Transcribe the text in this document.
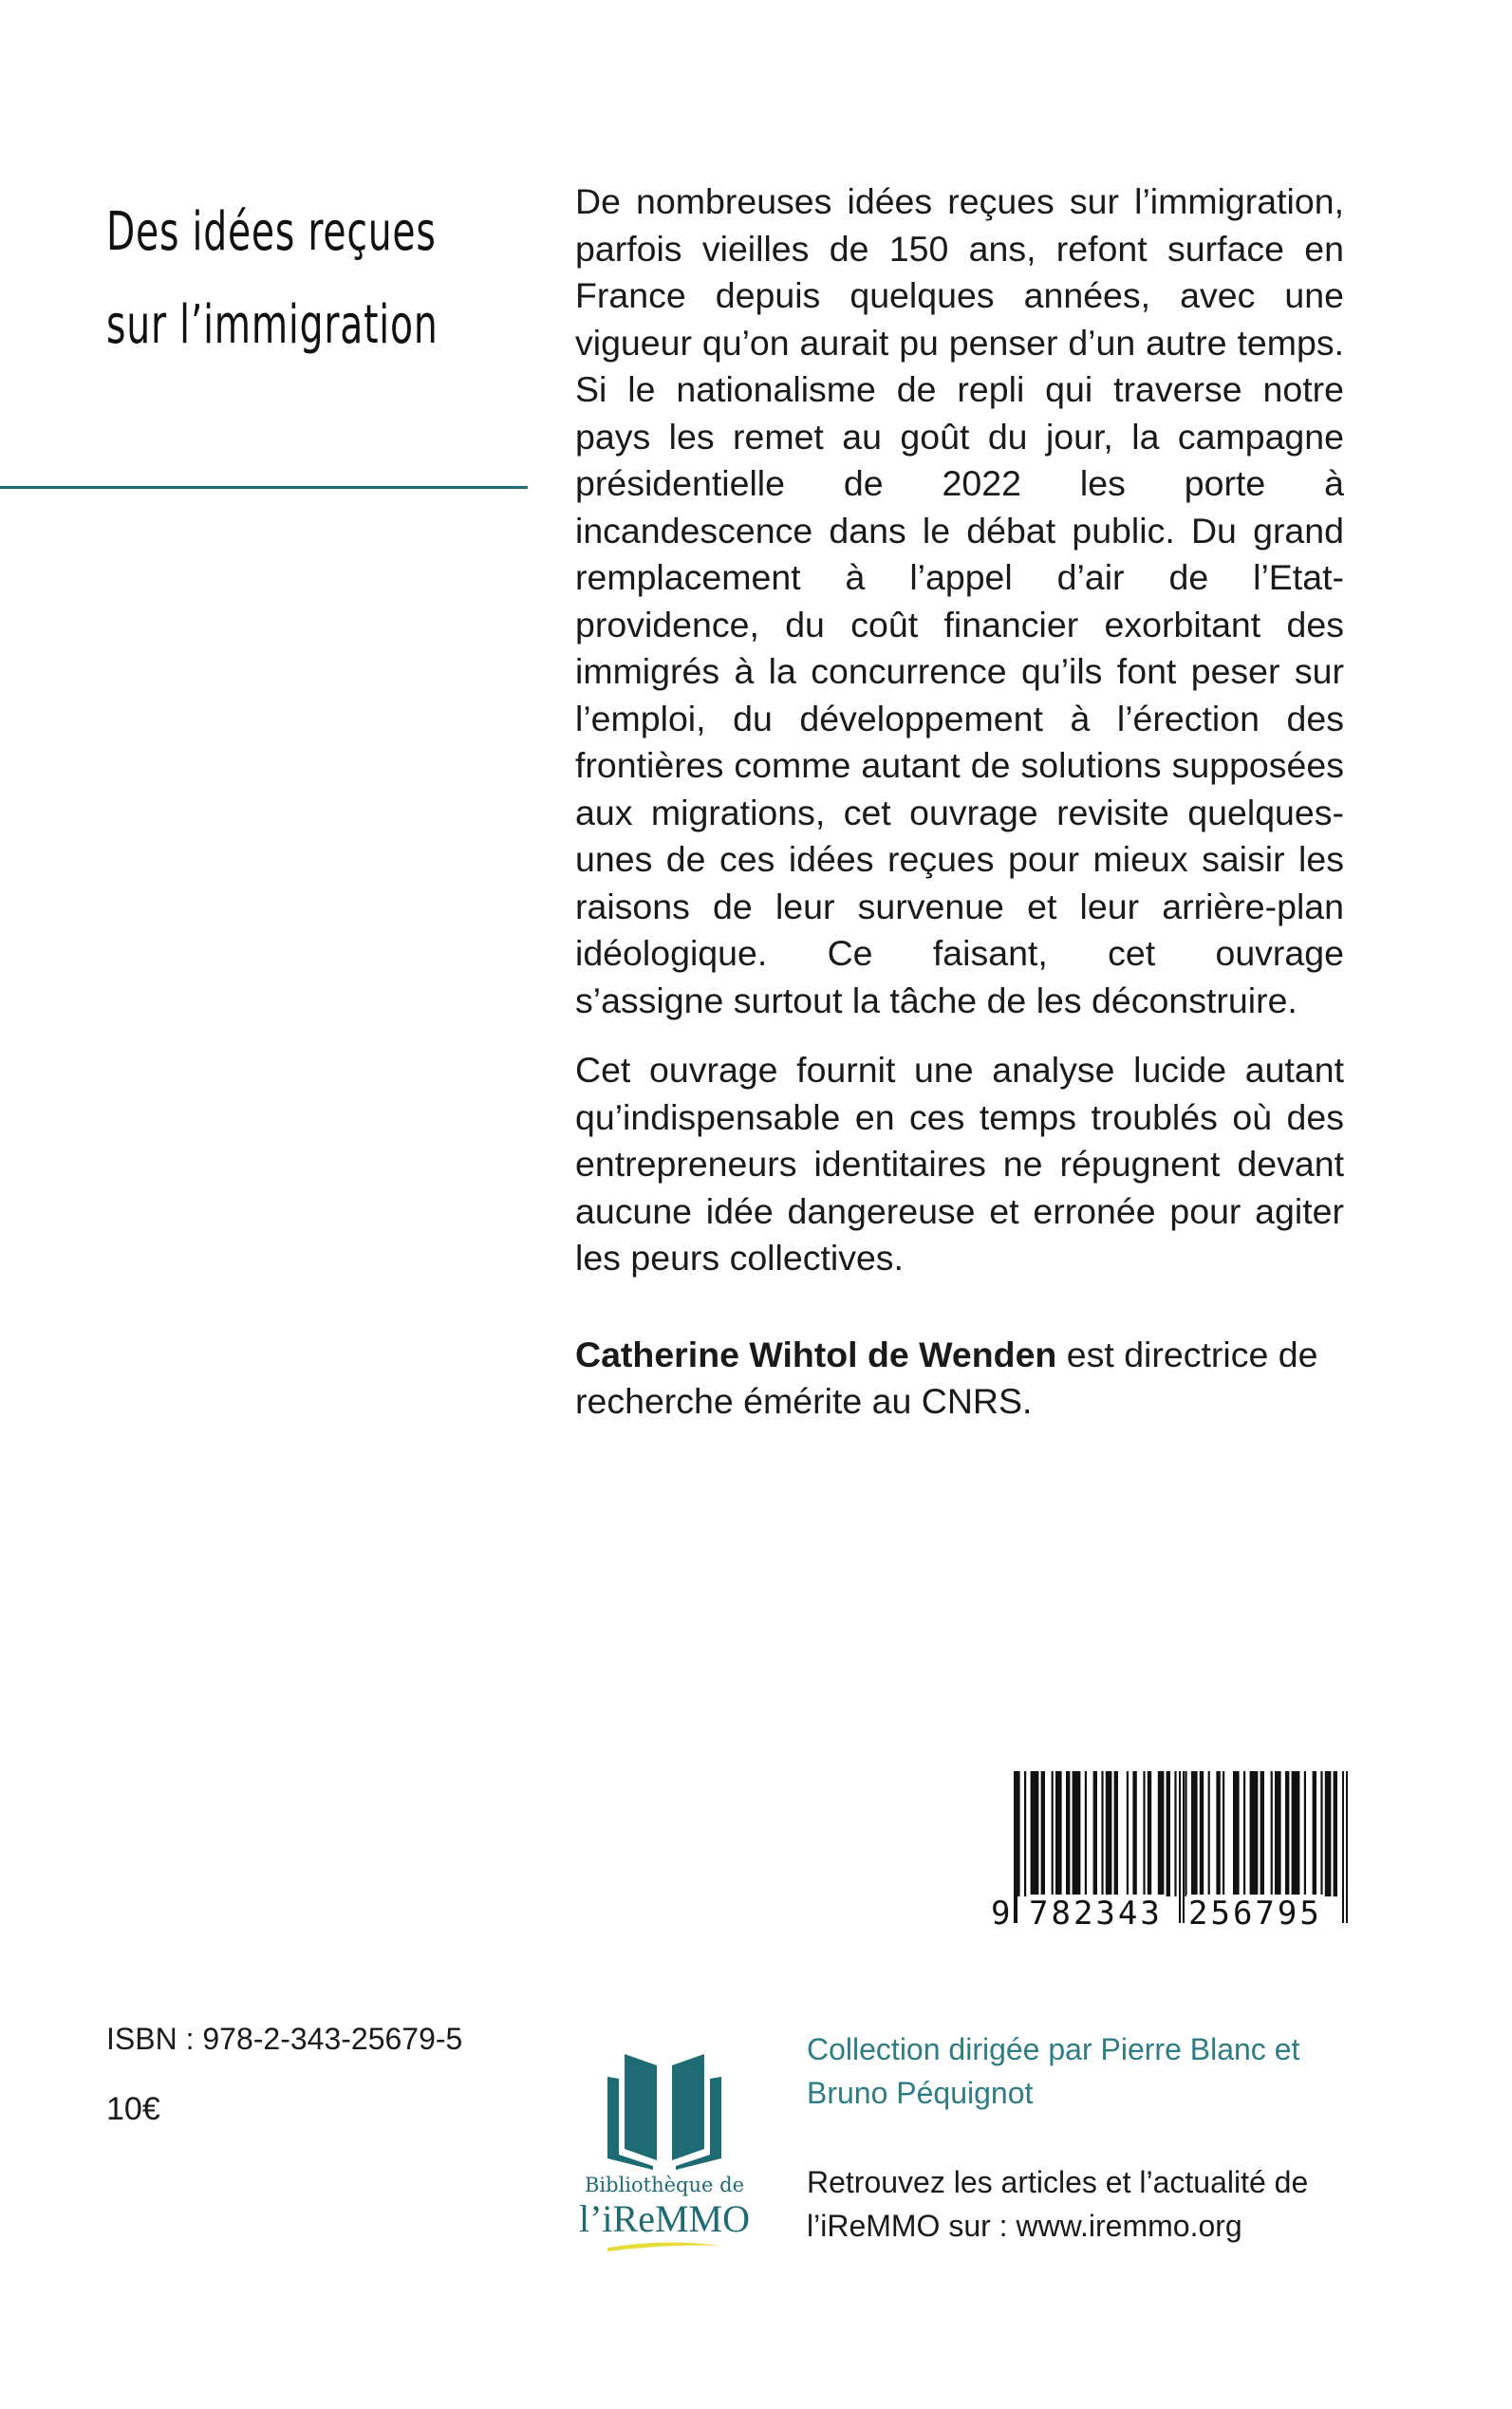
Des idées reçues
sur l’immigration

De nombreuses idées reçues sur l’immigration, parfois vieilles de 150 ans, refont surface en France depuis quelques années, avec une vigueur qu’on aurait pu penser d’un autre temps. Si le nationalisme de repli qui traverse notre pays les remet au goût du jour, la campagne présidentielle de 2022 les porte à incandescence dans le débat public. Du grand remplacement à l’appel d’air de l’Etat-providence, du coût financier exorbitant des immigrés à la concurrence qu’ils font peser sur l’emploi, du développement à l’érection des frontières comme autant de solutions supposées aux migrations, cet ouvrage revisite quelques-unes de ces idées reçues pour mieux saisir les raisons de leur survenue et leur arrière-plan idéologique. Ce faisant, cet ouvrage
s’assigne surtout la tâche de les déconstruire.

Cet ouvrage fournit une analyse lucide autant qu’indispensable en ces temps troublés où des entrepreneurs identitaires ne répugnent devant aucune idée dangereuse et erronée pour agiter les peurs collectives.

Catherine Wihtol de Wenden est directrice de recherche émérite au CNRS.

9 782343 256795
ISBN : 978-2-343-25679-5
10€
Bibliothèque de
l’iReMMO
Collection dirigée par Pierre Blanc et Bruno Péquignot
Retrouvez les articles et l’actualité de l’iReMMO sur : www.iremmo.org
